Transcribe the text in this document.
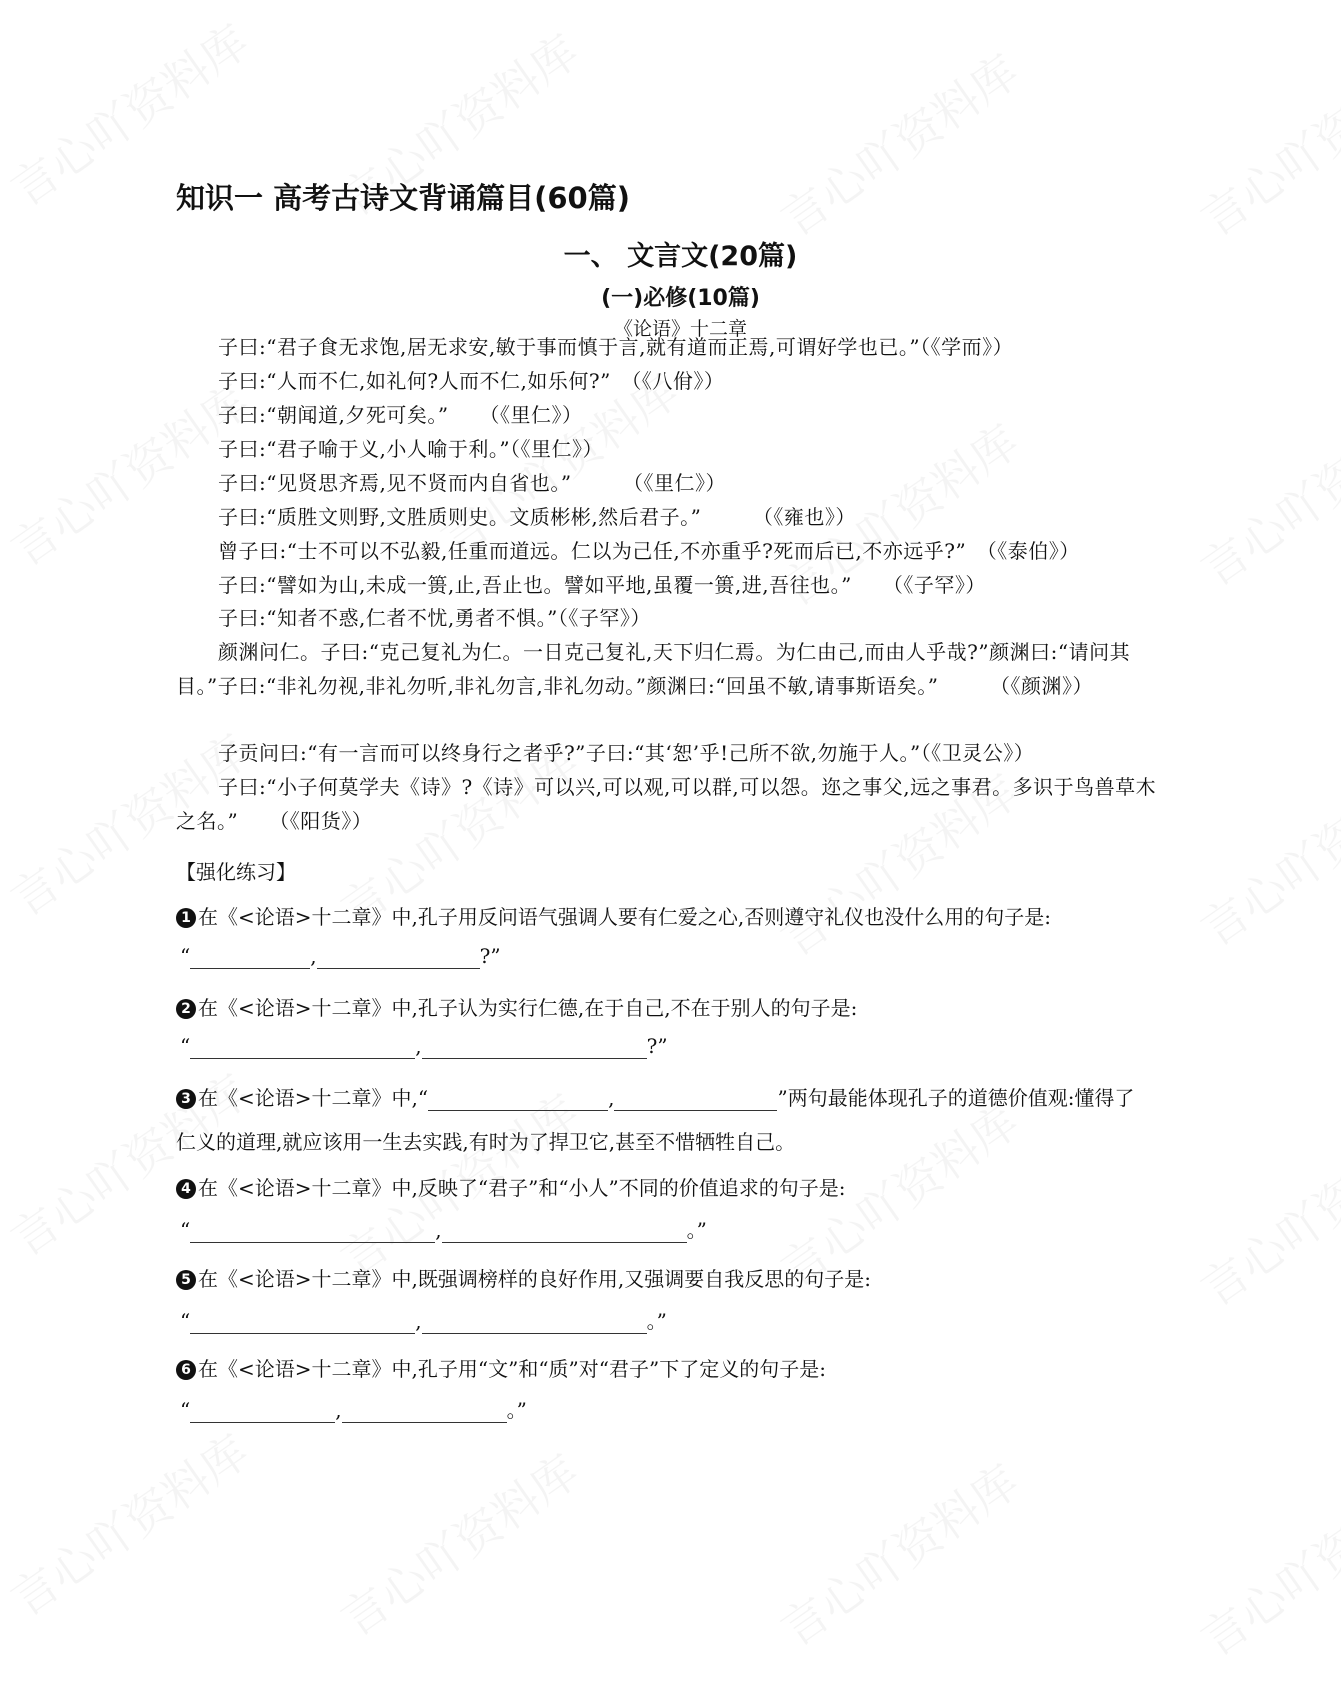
知识一 高考古诗文背诵篇目(60篇)
一、 文言文(20篇)
(一)必修(10篇)
《论语》十二章

子曰:“君子食无求饱,居无求安,敏于事而慎于言,就有道而正焉,可谓好学也已。”（《学而》）

子曰:“人而不仁,如礼何?人而不仁,如乐何?”　（《八佾》）

子曰:“朝闻道,夕死可矣。”　　（《里仁》）

子曰:“君子喻于义,小人喻于利。”（《里仁》）

子曰:“见贤思齐焉,见不贤而内自省也。”　　　（《里仁》）

子曰:“质胜文则野,文胜质则史。文质彬彬,然后君子。”　　　（《雍也》）

曾子曰:“士不可以不弘毅,任重而道远。仁以为己任,不亦重乎?死而后已,不亦远乎?”　（《泰伯》）

子曰:“譬如为山,未成一篑,止,吾止也。譬如平地,虽覆一篑,进,吾往也。”　　（《子罕》）

子曰:“知者不惑,仁者不忧,勇者不惧。”（《子罕》）

颜渊问仁。子曰:“克己复礼为仁。一日克己复礼,天下归仁焉。为仁由己,而由人乎哉?”颜渊曰:“请问其目。”子曰:“非礼勿视,非礼勿听,非礼勿言,非礼勿动。”颜渊曰:“回虽不敏,请事斯语矣。”　　　（《颜渊》）

子贡问曰:“有一言而可以终身行之者乎?”子曰:“其‘恕’乎!己所不欲,勿施于人。”（《卫灵公》）

子曰:“小子何莫学夫《诗》?《诗》可以兴,可以观,可以群,可以怨。迩之事父,远之事君。多识于鸟兽草木之名。”　　（《阳货》）

【强化练习】
1 在《<论语>十二章》中,孔子用反问语气强调人要有仁爱之心,否则遵守礼仪也没什么用的句子是:
“	,	?”
2 在《<论语>十二章》中,孔子认为实行仁德,在于自己,不在于别人的句子是:
“	,	?”
3 在《<论语>十二章》中,“	,	”两句最能体现孔子的道德价值观:懂得了
仁义的道理,就应该用一生去实践,有时为了捍卫它,甚至不惜牺牲自己。
4 在《<论语>十二章》中,反映了“君子”和“小人”不同的价值追求的句子是:
“	,	。”
5 在《<论语>十二章》中,既强调榜样的良好作用,又强调要自我反思的句子是:
“	,	。”
6 在《<论语>十二章》中,孔子用“文”和“质”对“君子”下了定义的句子是:
“	,	。”
